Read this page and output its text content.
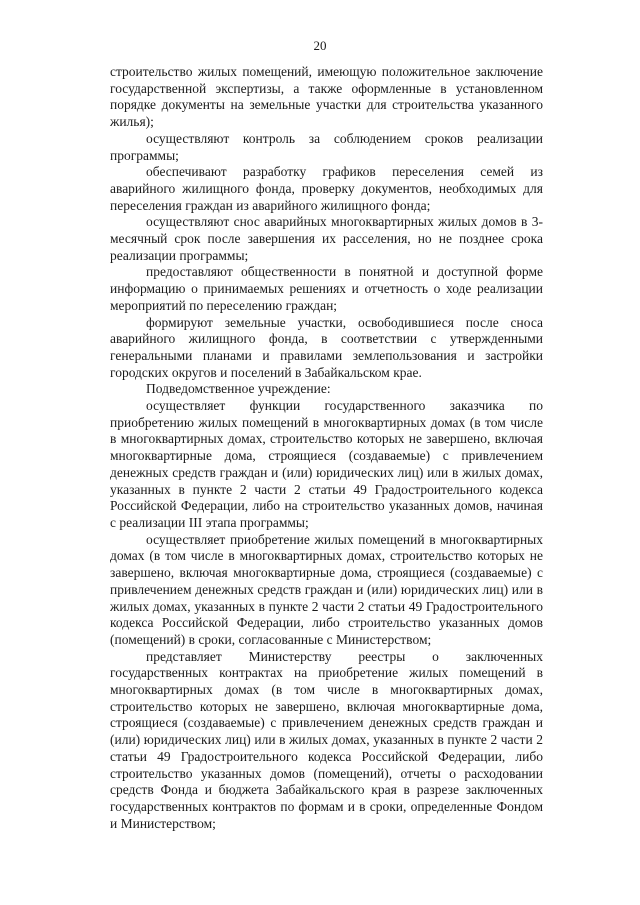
20

строительство жилых помещений, имеющую положительное заключение государственной экспертизы, а также оформленные в установленном порядке документы на земельные участки для строительства указанного жилья);

осуществляют контроль за соблюдением сроков реализации программы;

обеспечивают разработку графиков переселения семей из аварийного жилищного фонда, проверку документов, необходимых для переселения граждан из аварийного жилищного фонда;

осуществляют снос аварийных многоквартирных жилых домов в 3-месячный срок после завершения их расселения, но не позднее срока реализации программы;

предоставляют общественности в понятной и доступной форме информацию о принимаемых решениях и отчетность о ходе реализации мероприятий по переселению граждан;

формируют земельные участки, освободившиеся после сноса аварийного жилищного фонда, в соответствии с утвержденными генеральными планами и правилами землепользования и застройки городских округов и поселений в Забайкальском крае.

Подведомственное учреждение:

осуществляет функции государственного заказчика по приобретению жилых помещений в многоквартирных домах (в том числе в многоквартирных домах, строительство которых не завершено, включая многоквартирные дома, строящиеся (создаваемые) с привлечением денежных средств граждан и (или) юридических лиц) или в жилых домах, указанных в пункте 2 части 2 статьи 49 Градостроительного кодекса Российской Федерации, либо на строительство указанных домов, начиная с реализации III этапа программы;

осуществляет приобретение жилых помещений в многоквартирных домах (в том числе в многоквартирных домах, строительство которых не завершено, включая многоквартирные дома, строящиеся (создаваемые) с привлечением денежных средств граждан и (или) юридических лиц) или в жилых домах, указанных в пункте 2 части 2 статьи 49 Градостроительного кодекса Российской Федерации, либо строительство указанных домов (помещений) в сроки, согласованные с Министерством;

представляет Министерству реестры о заключенных государственных контрактах на приобретение жилых помещений в многоквартирных домах (в том числе в многоквартирных домах, строительство которых не завершено, включая многоквартирные дома, строящиеся (создаваемые) с привлечением денежных средств граждан и (или) юридических лиц) или в жилых домах, указанных в пункте 2 части 2 статьи 49 Градостроительного кодекса Российской Федерации, либо строительство указанных домов (помещений), отчеты о расходовании средств Фонда и бюджета Забайкальского края в разрезе заключенных государственных контрактов по формам и в сроки, определенные Фондом и Министерством;
